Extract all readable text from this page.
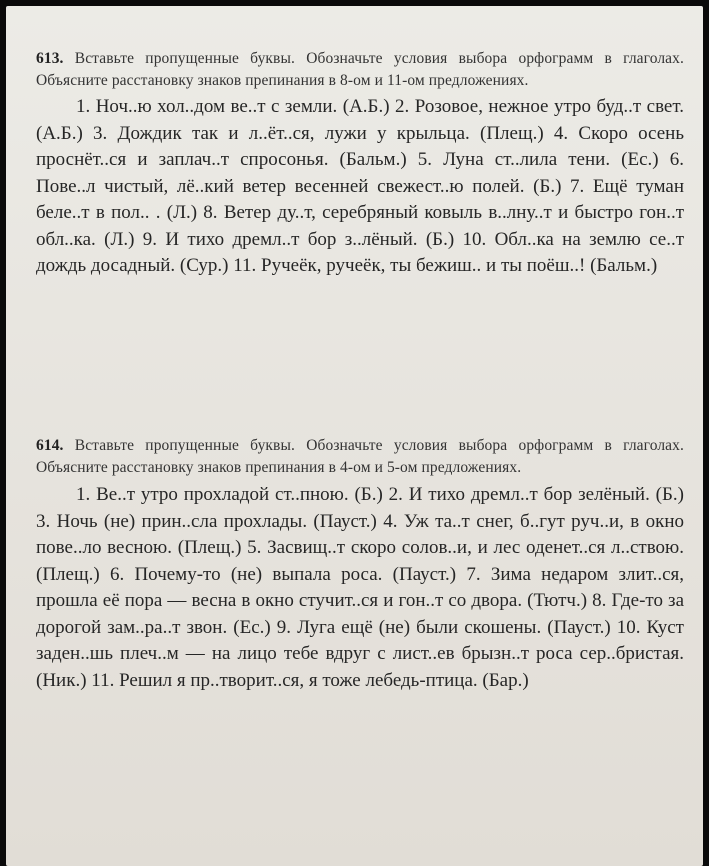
613. Вставьте пропущенные буквы. Обозначьте условия выбора орфограмм в глаголах. Объясните расстановку знаков препинания в 8-ом и 11-ом предложениях.

1. Ноч..ю хол..дом ве..т с земли. (А.Б.) 2. Розовое, нежное утро буд..т свет. (А.Б.) 3. Дождик так и л..ёт..ся, лужи у крыльца. (Плещ.) 4. Скоро осень проснёт..ся и заплач..т спросонья. (Бальм.) 5. Луна ст..лила тени. (Ес.) 6. Пове..л чистый, лё..кий ветер весенней свежест..ю полей. (Б.) 7. Ещё туман беле..т в пол.. . (Л.) 8. Ветер ду..т, серебряный ковыль в..лну..т и быстро гон..т обл..ка. (Л.) 9. И тихо дремл..т бор з..лёный. (Б.) 10. Обл..ка на землю се..т дождь досадный. (Сур.) 11. Ручеёк, ручеёк, ты бежиш.. и ты поёш..! (Бальм.)

614. Вставьте пропущенные буквы. Обозначьте условия выбора орфограмм в глаголах. Объясните расстановку знаков препинания в 4-ом и 5-ом предложениях.

1. Ве..т утро прохладой ст..пною. (Б.) 2. И тихо дремл..т бор зелёный. (Б.) 3. Ночь (не) прин..сла прохлады. (Пауст.) 4. Уж та..т снег, б..гут руч..и, в окно пове..ло весною. (Плещ.) 5. Засвищ..т скоро солов..и, и лес оденет..ся л..ствою. (Плещ.) 6. Почему-то (не) выпала роса. (Пауст.) 7. Зима недаром злит..ся, прошла её пора — весна в окно стучит..ся и гон..т со двора. (Тютч.) 8. Где-то за дорогой зам..ра..т звон. (Ес.) 9. Луга ещё (не) были скошены. (Пауст.) 10. Куст заден..шь плеч..м — на лицо тебе вдруг с лист..ев брызн..т роса сер..бристая. (Ник.) 11. Решил я пр..творит..ся, я тоже лебедь-птица. (Бар.)
